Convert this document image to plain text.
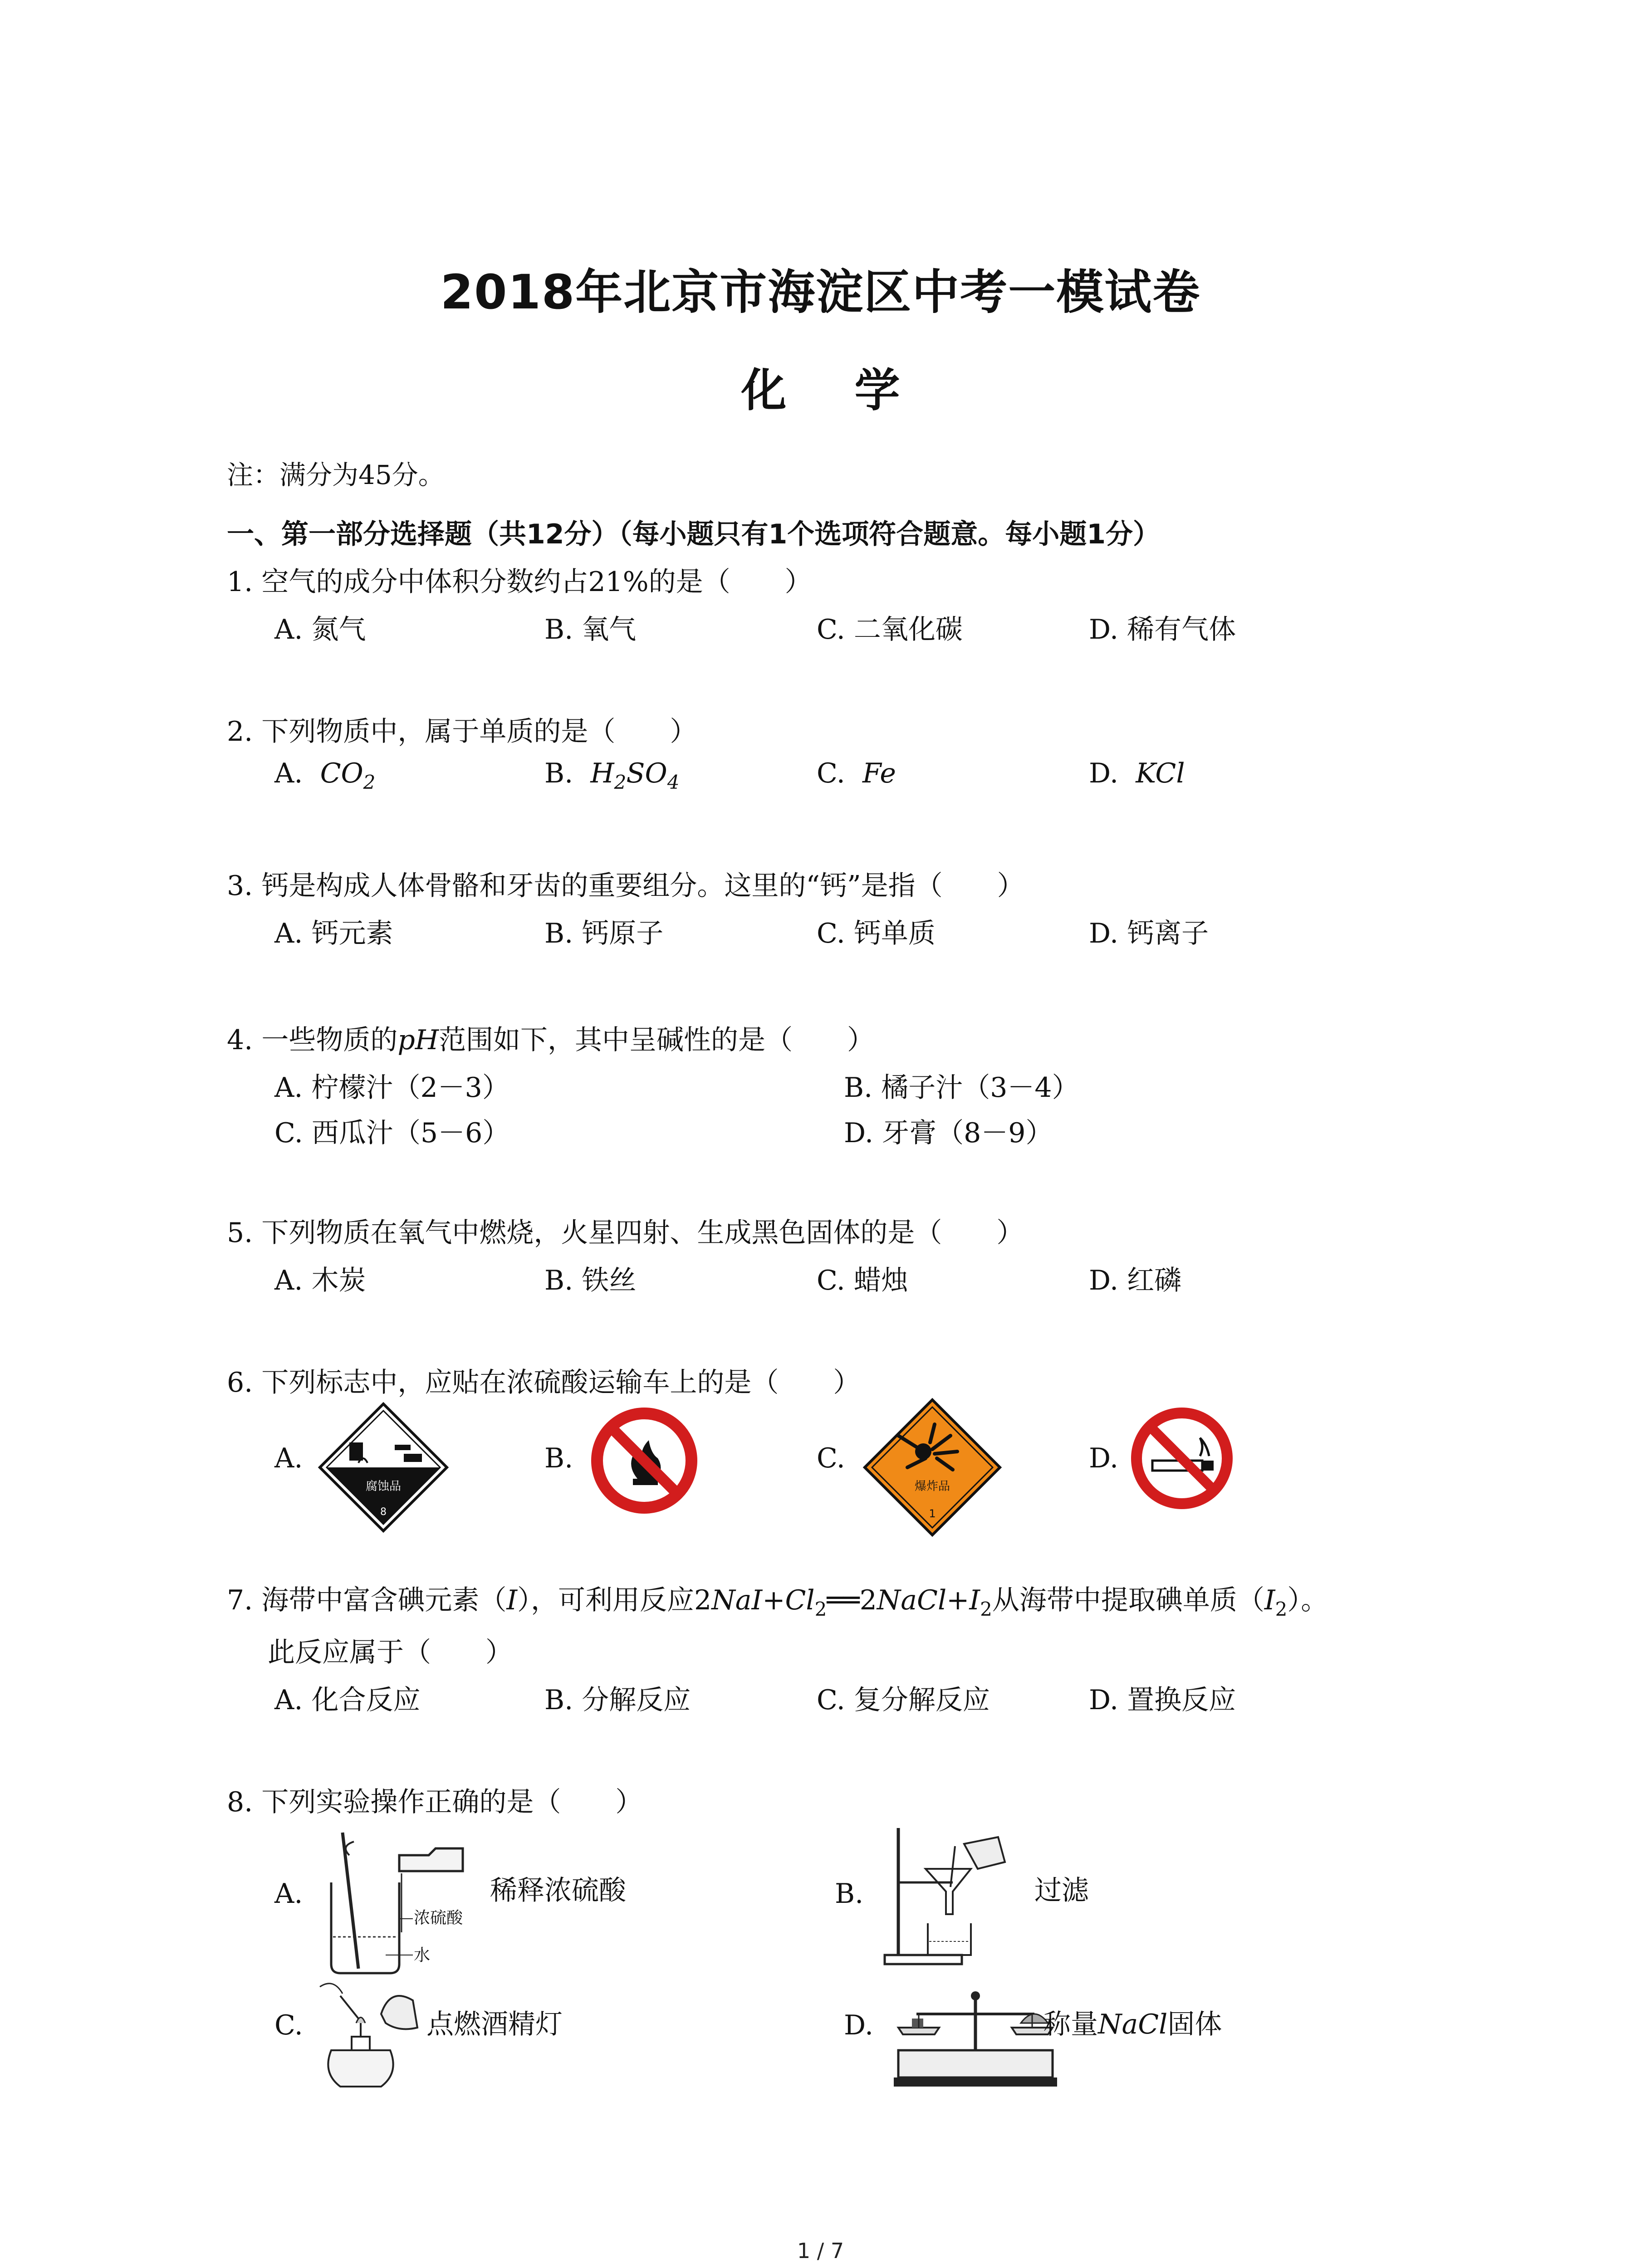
2018年北京市海淀区中考一模试卷
化学
注：满分为45分。
一、第一部分选择题（共12分）（每小题只有1个选项符合题意。每小题1分）
1. 空气的成分中体积分数约占21%的是（　　）
A. 氮气	B. 氧气	C. 二氧化碳	D. 稀有气体
2. 下列物质中，属于单质的是（　　）
A. $CO_2$	B. $H_2SO_4$	C. Fe	D. KCl
3. 钙是构成人体骨骼和牙齿的重要组分。这里的“钙”是指（　　）
A. 钙元素	B. 钙原子	C. 钙单质	D. 钙离子
4. 一些物质的pH范围如下，其中呈碱性的是（　　）
A. 柠檬汁（2－3）	B. 橘子汁（3－4）
C. 西瓜汁（5－6）	D. 牙膏（8－9）
5. 下列物质在氧气中燃烧，火星四射、生成黑色固体的是（　　）
A. 木炭	B. 铁丝	C. 蜡烛	D. 红磷
6. 下列标志中，应贴在浓硫酸运输车上的是（　　）
A.	B.	C.	D.
腐蚀品
8
爆炸品
1
7. 海带中富含碘元素（I），可利用反应$2NaI+Cl_2══2NaCl+I_2$从海带中提取碘单质$(I_2)$。
此反应属于（　　）
A. 化合反应	B. 分解反应	C. 复分解反应	D. 置换反应
8. 下列实验操作正确的是（　　）
A.
浓硫酸
水
稀释浓硫酸	B.	过滤
C.	点燃酒精灯	D.	称量NaCl固体
1 / 7
